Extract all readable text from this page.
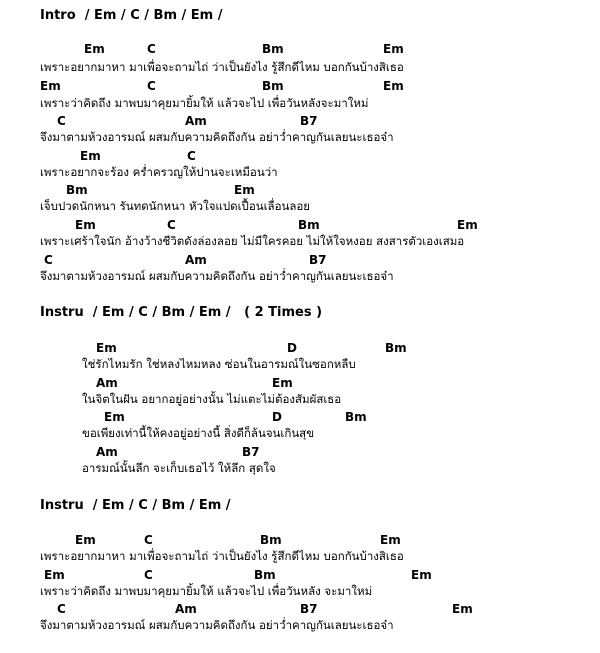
Intro  / Em / C / Bm / Em /
Em	C	Bm	Em
เพราะอยากมาหา มาเพื่อจะถามไถ่ ว่าเป็นยังไง รู้สึกดีไหม บอกกันบ้างสิเธอ
Em	C	Bm	Em
เพราะว่าคิดถึง มาพบมาคุยมายิ้มให้ แล้วจะไป เพื่อวันหลังจะมาใหม่
C	Am	B7
จึงมาตามห้วงอารมณ์ ผสมกับความคิดถึงกัน อย่าว่ำคาญกันเลยนะเธอจ๋า
Em	C
เพราะอยากจะร้อง คร่ำครวญให้ปานจะเหมือนว่า
Bm	Em
เจ็บปวดนักหนา รันทดนักหนา หัวใจแปดเปื้อนเลื่อนลอย
Em	C	Bm	Em
เพราะเศร้าใจนัก อ้างว้างชีวิตดังล่องลอย ไม่มีใครคอย ไม่ให้ใจหงอย สงสารตัวเองเสมอ
C	Am	B7
จึงมาตามห้วงอารมณ์ ผสมกับความคิดถึงกัน อย่าว่ำคาญกันเลยนะเธอจ๋า
Instru  / Em / C / Bm / Em /   ( 2 Times )
Em	D	Bm
ใช่รักไหมรัก ใช่หลงไหมหลง ซ่อนในอารมณ์ในซอกหลืบ
Am	Em
ในจิตในฝัน อยากอยู่อย่างนั้น ไม่แตะไม่ต้องสัมผัสเธอ
Em	D	Bm
ขอเพียงเท่านี้ให้คงอยู่อย่างนี้ สิ่งดีก็ล้นจนเกินสุข
Am	B7
อารมณ์นั้นลึก จะเก็บเธอไว้ ให้ลึก สุดใจ
Instru  / Em / C / Bm / Em /
Em	C	Bm	Em
เพราะอยากมาหา มาเพื่อจะถามไถ่ ว่าเป็นยังไง รู้สึกดีไหม บอกกันบ้างสิเธอ
Em	C	Bm	Em
เพราะว่าคิดถึง มาพบมาคุยมายิ้มให้ แล้วจะไป เพื่อวันหลัง จะมาใหม่
C	Am	B7	Em
จึงมาตามห้วงอารมณ์ ผสมกับความคิดถึงกัน อย่าว่ำคาญกันเลยนะเธอจ๋า
